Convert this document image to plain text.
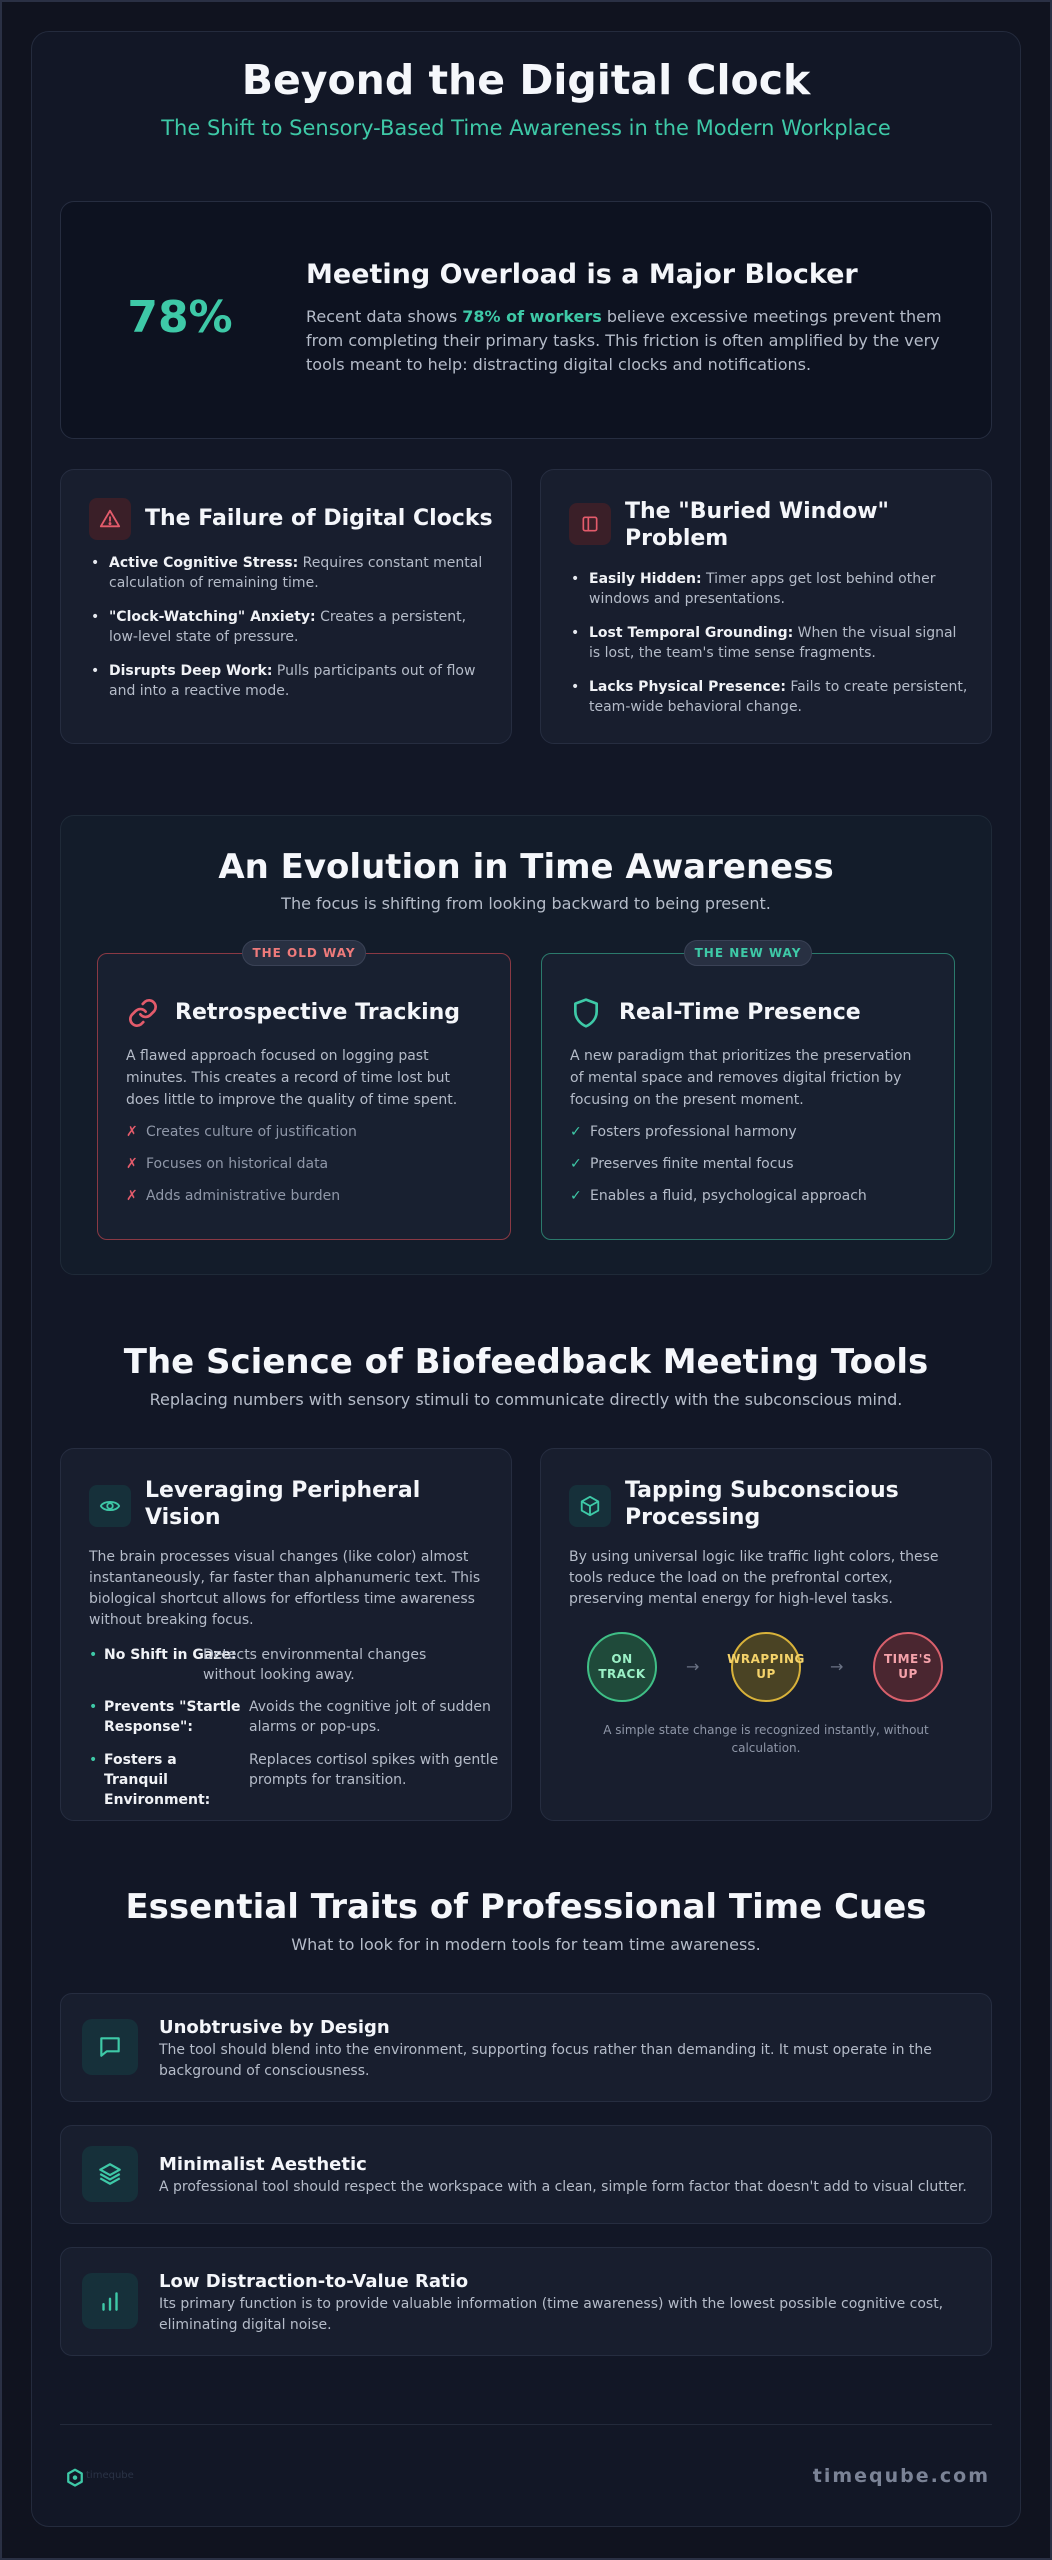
Beyond the Digital Clock
The Shift to Sensory-Based Time Awareness in the Modern Workplace
78%
Meeting Overload is a Major Blocker
Recent data shows 78% of workers believe excessive meetings prevent them from completing their primary tasks. This friction is often amplified by the very tools meant to help: distracting digital clocks and notifications.
The Failure of Digital Clocks
• Active Cognitive Stress: Requires constant mental calculation of remaining time.
• "Clock-Watching" Anxiety: Creates a persistent, low-level state of pressure.
• Disrupts Deep Work: Pulls participants out of flow and into a reactive mode.
The "Buried Window" Problem
• Easily Hidden: Timer apps get lost behind other windows and presentations.
• Lost Temporal Grounding: When the visual signal is lost, the team's time sense fragments.
• Lacks Physical Presence: Fails to create persistent, team-wide behavioral change.
An Evolution in Time Awareness
The focus is shifting from looking backward to being present.
THE OLD WAY
Retrospective Tracking
A flawed approach focused on logging past minutes. This creates a record of time lost but does little to improve the quality of time spent.
✗ Creates culture of justification
✗ Focuses on historical data
✗ Adds administrative burden
THE NEW WAY
Real-Time Presence
A new paradigm that prioritizes the preservation of mental space and removes digital friction by focusing on the present moment.
✓ Fosters professional harmony
✓ Preserves finite mental focus
✓ Enables a fluid, psychological approach
The Science of Biofeedback Meeting Tools
Replacing numbers with sensory stimuli to communicate directly with the subconscious mind.
Leveraging Peripheral Vision
The brain processes visual changes (like color) almost instantaneously, far faster than alphanumeric text. This biological shortcut allows for effortless time awareness without breaking focus.
• No Shift in Gaze:
Detects environmental changes without looking away.
• Prevents "Startle Response":
Avoids the cognitive jolt of sudden alarms or pop-ups.
• Fosters a Tranquil Environment:
Replaces cortisol spikes with gentle prompts for transition.
Tapping Subconscious Processing
By using universal logic like traffic light colors, these tools reduce the load on the prefrontal cortex, preserving mental energy for high-level tasks.
ON TRACK	→ WRAPPING UP	→	TIME'S UP
A simple state change is recognized instantly, without calculation.
Essential Traits of Professional Time Cues
What to look for in modern tools for team time awareness.
Unobtrusive by Design
The tool should blend into the environment, supporting focus rather than demanding it. It must operate in the background of consciousness.
Minimalist Aesthetic
A professional tool should respect the workspace with a clean, simple form factor that doesn't add to visual clutter.
Low Distraction-to-Value Ratio
Its primary function is to provide valuable information (time awareness) with the lowest possible cognitive cost, eliminating digital noise.
timeqube	timeqube.com
